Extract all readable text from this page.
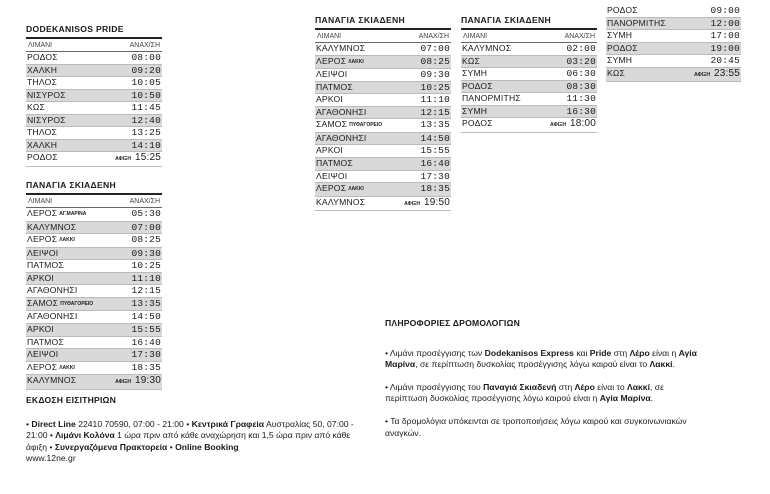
DODEKANISOS PRIDE
ΛΙΜΑΝΙ	ΑΝΑΧ/ΣΗ
ΡΟΔΟΣ	08:00
ΧΑΛΚΗ	09:20
ΤΗΛΟΣ	10:05
ΝΙΣΥΡΟΣ	10:50
ΚΩΣ	11:45
ΝΙΣΥΡΟΣ	12:40
ΤΗΛΟΣ	13:25
ΧΑΛΚΗ	14:10
ΡΟΔΟΣ	ΑΦΙΞΗ 15:25
ΠΑΝΑΓΙΑ ΣΚΙΑΔΕΝΗ
ΛΙΜΑΝΙ	ΑΝΑΧ/ΣΗ
ΛΕΡΟΣ ΑΓ.ΜΑΡΙΝΑ	05:30
ΚΑΛΥΜΝΟΣ	07:00
ΛΕΡΟΣ ΛΑΚΚΙ	08:25
ΛΕΙΨΟΙ	09:30
ΠΑΤΜΟΣ	10:25
ΑΡΚΟΙ	11:10
ΑΓΑΘΟΝΗΣΙ	12:15
ΣΑΜΟΣ ΠΥΘΑΓΟΡΕΙΟ	13:35
ΑΓΑΘΟΝΗΣΙ	14:50
ΑΡΚΟΙ	15:55
ΠΑΤΜΟΣ	16:40
ΛΕΙΨΟΙ	17:30
ΛΕΡΟΣ ΛΑΚΚΙ	18:35
ΚΑΛΥΜΝΟΣ	ΑΦΙΞΗ 19:30
ΠΑΝΑΓΙΑ ΣΚΙΑΔΕΝΗ
ΛΙΜΑΝΙ	ΑΝΑΧ/ΣΗ
ΚΑΛΥΜΝΟΣ	07:00
ΛΕΡΟΣ ΛΑΚΚΙ	08:25
ΛΕΙΨΟΙ	09:30
ΠΑΤΜΟΣ	10:25
ΑΡΚΟΙ	11:10
ΑΓΑΘΟΝΗΣΙ	12:15
ΣΑΜΟΣ ΠΥΘΑΓΟΡΕΙΟ	13:35
ΑΓΑΘΟΝΗΣΙ	14:50
ΑΡΚΟΙ	15:55
ΠΑΤΜΟΣ	16:40
ΛΕΙΨΟΙ	17:30
ΛΕΡΟΣ ΛΑΚΚΙ	18:35
ΚΑΛΥΜΝΟΣ	ΑΦΙΞΗ 19:50
ΠΑΝΑΓΙΑ ΣΚΙΑΔΕΝΗ
ΛΙΜΑΝΙ	ΑΝΑΧ/ΣΗ
ΚΑΛΥΜΝΟΣ	02:00
ΚΩΣ	03:20
ΣΥΜΗ	06:30
ΡΟΔΟΣ	08:30
ΠΑΝΟΡΜΙΤΗΣ	11:30
ΣΥΜΗ	16:30
ΡΟΔΟΣ	ΑΦΙΞΗ 18:00
ΡΟΔΟΣ	09:00
ΠΑΝΟΡΜΙΤΗΣ	12:00
ΣΥΜΗ	17:00
ΡΟΔΟΣ	19:00
ΣΥΜΗ	20:45
ΚΩΣ	ΑΦΙΞΗ 23:55
ΕΚΔΟΣΗ ΕΙΣΙΤΗΡΙΩΝ
• Direct Line 22410 70590, 07:00 - 21:00 • Κεντρικά Γραφεία Αυστραλίας 50, 07:00 - 21:00 • Λιμάνι Κολόνα 1 ώρα πριν από κάθε αναχώρηση και 1,5 ώρα πριν από κάθε άφιξη • Συνεργαζόμενα Πρακτορεία • Online Booking
www.12ne.gr
ΠΛΗΡΟΦΟΡΙΕΣ ΔΡΟΜΟΛΟΓΙΩΝ

• Λιμάνι προσέγγισης των Dodekanisos Express και Pride στη Λέρο είναι η Αγία Μαρίνα, σε περίπτωση δυσκολίας προσέγγισης λόγω καιρού είναι το Λακκί.

• Λιμάνι προσέγγισης του Παναγιά Σκιαδενή στη Λέρο είναι το Λακκί, σε περίπτωση δυσκολίας προσέγγισης λόγω καιρού είναι η Αγία Μαρίνα.

• Τα δρομολόγια υπόκεινται σε τροποποιήσεις λόγω καιρού και συγκοινωνιακών αναγκών.
